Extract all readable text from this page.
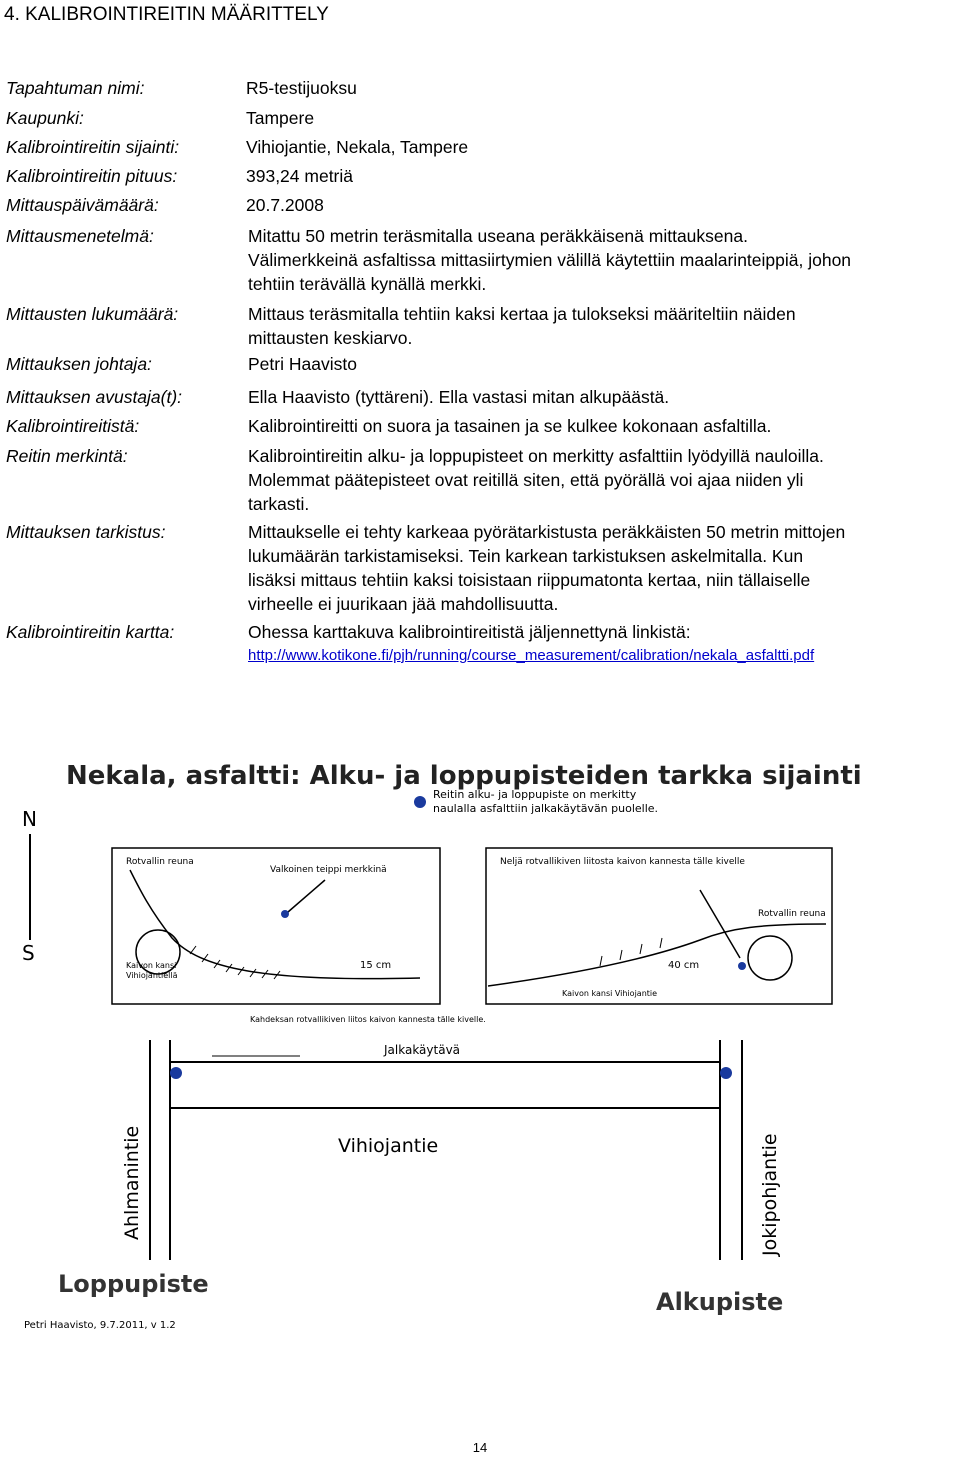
4. KALIBROINTIREITIN MÄÄRITTELY
Tapahtuman nimi:	R5-testijuoksu
Kaupunki:	Tampere
Kalibrointireitin sijainti:	Vihiojantie, Nekala, Tampere
Kalibrointireitin pituus:	393,24 metriä
Mittauspäivämäärä:	20.7.2008
Mittausmenetelmä:	Mitattu 50 metrin teräsmitalla useana peräkkäisenä mittauksena.
Välimerkkeinä asfaltissa mittasiirtymien välillä käytettiin maalarinteippiä, johon
tehtiin terävällä kynällä merkki.
Mittausten lukumäärä:	Mittaus teräsmitalla tehtiin kaksi kertaa ja tulokseksi määriteltiin näiden
mittausten keskiarvo.
Mittauksen johtaja:	Petri Haavisto
Mittauksen avustaja(t):	Ella Haavisto (tyttäreni). Ella vastasi mitan alkupäästä.
Kalibrointireitistä:	Kalibrointireitti on suora ja tasainen ja se kulkee kokonaan asfaltilla.
Reitin merkintä:	Kalibrointireitin alku- ja loppupisteet on merkitty asfalttiin lyödyillä nauloilla.
Molemmat päätepisteet ovat reitillä siten, että pyörällä voi ajaa niiden yli
tarkasti.
Mittauksen tarkistus:	Mittaukselle ei tehty karkeaa pyörätarkistusta peräkkäisten 50 metrin mittojen
lukumäärän tarkistamiseksi. Tein karkean tarkistuksen askelmitalla. Kun
lisäksi mittaus tehtiin kaksi toisistaan riippumatonta kertaa, niin tällaiselle
virheelle ei juurikaan jää mahdollisuutta.
Kalibrointireitin kartta:	Ohessa karttakuva kalibrointireitistä jäljennettynä linkistä:
http://www.kotikone.fi/pjh/running/course_measurement/calibration/nekala_asfaltti.pdf
Nekala, asfaltti: Alku- ja loppupisteiden tarkka sijainti
N
S
Reitin alku- ja loppupiste on merkitty
naulalla asfalttiin jalkakäytävän puolelle.
Rotvallin reuna
Valkoinen teippi merkkinä
Kaivon kansi
Vihiojantiellä
15 cm
Kahdeksan rotvallikiven liitos kaivon kannesta tälle kivelle.
Neljä rotvallikiven liitosta kaivon kannesta tälle kivelle
Rotvallin reuna
40 cm
Kaivon kansi Vihiojantie
Jalkakäytävä
Vihiojantie
Ahlmanintie	Jokipohjantie
Loppupiste
Alkupiste
Petri Haavisto, 9.7.2011, v 1.2
14
